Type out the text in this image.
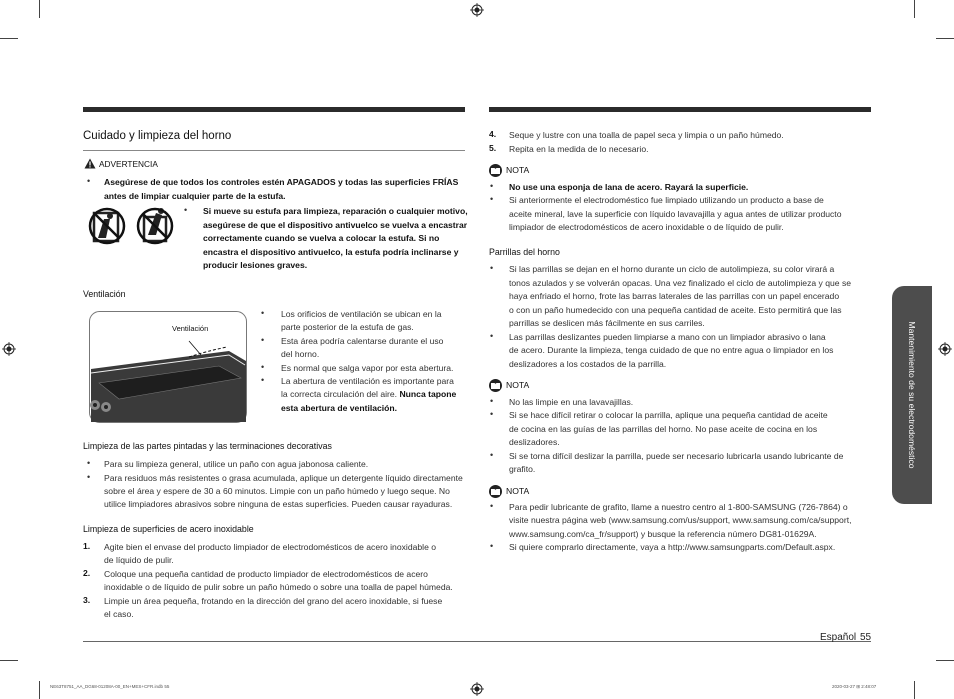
Cuidado y limpieza del horno
ADVERTENCIA
• Asegúrese de que todos los controles estén APAGADOS y todas las superficies FRÍAS
antes de limpiar cualquier parte de la estufa.
• Si mueve su estufa para limpieza, reparación o cualquier motivo,
asegúrese de que el dispositivo antivuelco se vuelva a encastrar
correctamente cuando se vuelva a colocar la estufa. Si no
encastra el dispositivo antivuelco, la estufa podría inclinarse y
producir lesiones graves.
Ventilación
Ventilación
• Los orificios de ventilación se ubican en la
parte posterior de la estufa de gas.
• Esta área podría calentarse durante el uso
del horno.
• Es normal que salga vapor por esta abertura.
• La abertura de ventilación es importante para
la correcta circulación del aire. Nunca tapone
esta abertura de ventilación.
Limpieza de las partes pintadas y las terminaciones decorativas
• Para su limpieza general, utilice un paño con agua jabonosa caliente.
• Para residuos más resistentes o grasa acumulada, aplique un detergente líquido directamente
sobre el área y espere de 30 a 60 minutos. Limpie con un paño húmedo y luego seque. No
utilice limpiadores abrasivos sobre ninguna de estas superficies. Pueden causar rayaduras.
Limpieza de superficies de acero inoxidable
1. Agite bien el envase del producto limpiador de electrodomésticos de acero inoxidable o
de líquido de pulir.
2. Coloque una pequeña cantidad de producto limpiador de electrodomésticos de acero
inoxidable o de líquido de pulir sobre un paño húmedo o sobre una toalla de papel húmeda.
3. Limpie un área pequeña, frotando en la dirección del grano del acero inoxidable, si fuese
el caso.
4. Seque y lustre con una toalla de papel seca y limpia o un paño húmedo.
5. Repita en la medida de lo necesario.
NOTA
• No use una esponja de lana de acero. Rayará la superficie.
• Si anteriormente el electrodoméstico fue limpiado utilizando un producto a base de
aceite mineral, lave la superficie con líquido lavavajilla y agua antes de utilizar producto
limpiador de electrodomésticos de acero inoxidable o de líquido de pulir.
Parrillas del horno
• Si las parrillas se dejan en el horno durante un ciclo de autolimpieza, su color virará a
tonos azulados y se volverán opacas. Una vez finalizado el ciclo de autolimpieza y que se
haya enfriado el horno, frote las barras laterales de las parrillas con un papel encerado
o con un paño humedecido con una pequeña cantidad de aceite. Esto permitirá que las
parrillas se deslicen más fácilmente en sus carriles.
• Las parrillas deslizantes pueden limpiarse a mano con un limpiador abrasivo o lana
de acero. Durante la limpieza, tenga cuidado de que no entre agua o limpiador en los
deslizadores a los costados de la parrilla.
NOTA
• No las limpie en una lavavajillas.
• Si se hace difícil retirar o colocar la parrilla, aplique una pequeña cantidad de aceite
de cocina en las guías de las parrillas del horno. No pase aceite de cocina en los
deslizadores.
• Si se torna difícil deslizar la parrilla, puede ser necesario lubricarla usando lubricante de
grafito.
NOTA
• Para pedir lubricante de grafito, llame a nuestro centro al 1-800-SAMSUNG (726-7864) o
visite nuestra página web (www.samsung.com/us/support, www.samsung.com/ca/support,
www.samsung.com/ca_fr/support) y busque la referencia número DG81-01629A.
• Si quiere comprarlo directamente, vaya a http://www.samsungparts.com/Default.aspx.
Mantenimiento de su electrodoméstico
Español 55
NE63T8751_AA_DG68-01208A-00_EN+MES+CFR.indb 55	2020-03-27 ⊞ 2:48:07
